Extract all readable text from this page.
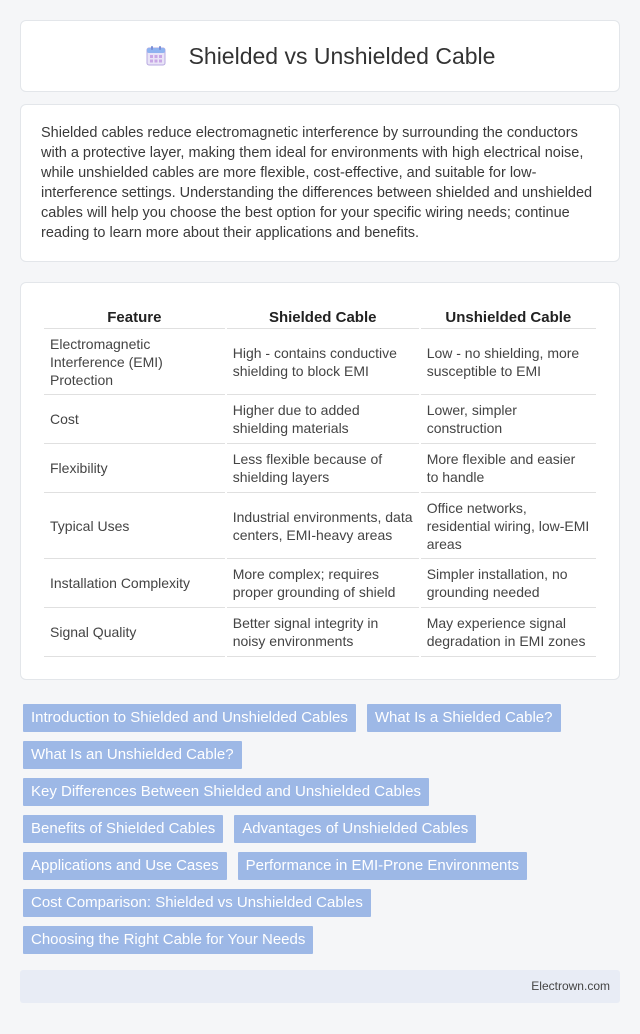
Shielded vs Unshielded Cable

Shielded cables reduce electromagnetic interference by surrounding the conductors with a protective layer, making them ideal for environments with high electrical noise, while unshielded cables are more flexible, cost-effective, and suitable for low-interference settings. Understanding the differences between shielded and unshielded cables will help you choose the best option for your specific wiring needs; continue reading to learn more about their applications and benefits.

Feature	Shielded Cable	Unshielded Cable
Electromagnetic Interference (EMI) Protection	High - contains conductive shielding to block EMI	Low - no shielding, more susceptible to EMI
Cost	Higher due to added shielding materials	Lower, simpler construction
Flexibility	Less flexible because of shielding layers	More flexible and easier to handle
Typical Uses	Industrial environments, data centers, EMI-heavy areas	Office networks, residential wiring, low-EMI areas
Installation Complexity	More complex; requires proper grounding of shield	Simpler installation, no grounding needed
Signal Quality	Better signal integrity in noisy environments	May experience signal degradation in EMI zones
Introduction to Shielded and Unshielded Cables	What Is a Shielded Cable?
What Is an Unshielded Cable?
Key Differences Between Shielded and Unshielded Cables
Benefits of Shielded Cables	Advantages of Unshielded Cables
Applications and Use Cases	Performance in EMI-Prone Environments
Cost Comparison: Shielded vs Unshielded Cables
Choosing the Right Cable for Your Needs
Electrown.com
